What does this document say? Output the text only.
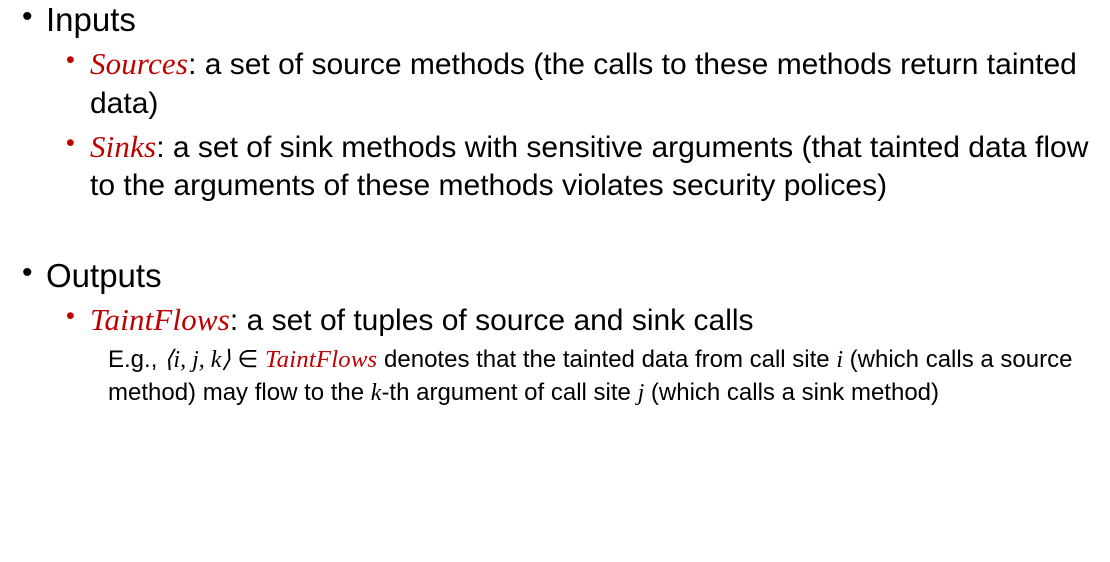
• Inputs
• Sources: a set of source methods (the calls to these methods return tainted data)
• Sinks: a set of sink methods with sensitive arguments (that tainted data flow to the arguments of these methods violates security polices)
• Outputs
• TaintFlows: a set of tuples of source and sink calls
E.g., ⟨i, j, k⟩ ∈ TaintFlows denotes that the tainted data from call site i (which calls a source method) may flow to the k-th argument of call site j (which calls a sink method)
